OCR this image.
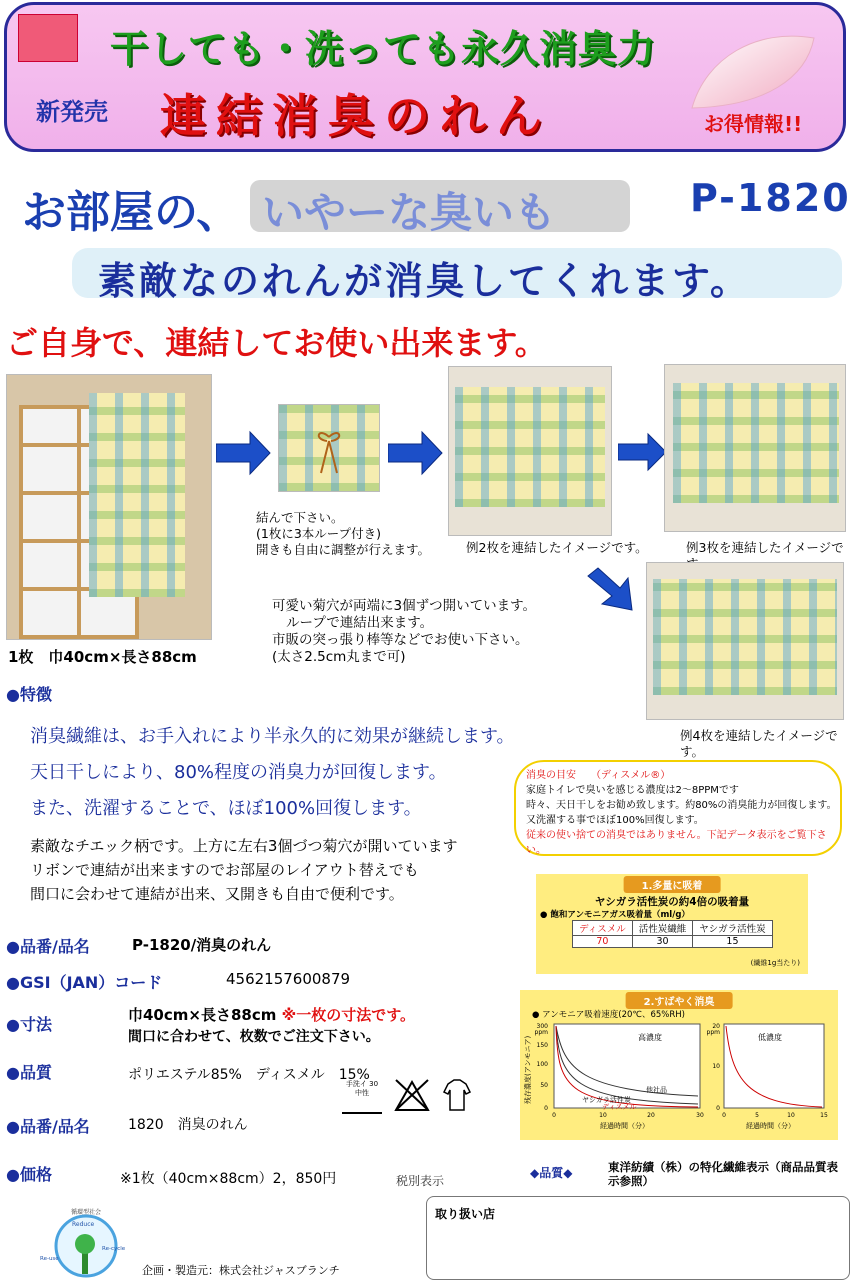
干しても・洗っても永久消臭力
新発売 連結消臭のれん	お得情報!!
お部屋の、 いやーな臭いも	P-1820
素敵なのれんが消臭してくれます。
ご自身で、連結してお使い出来ます。
1枚　巾40cm×長さ88cm
結んで下さい。
(1枚に3本ループ付き)
開きも自由に調整が行えます。	例2枚を連結したイメージです。	例3枚を連結したイメージで
例4枚を連結したイメージです。
可愛い菊穴が両端に3個ずつ開いています。
ループで連結出来ます。
市販の突っ張り棒等などでお使い下さい。
(太さ2.5cm丸まで可)
●特徴
消臭繊維は、お手入れにより半永久的に効果が継続します。
天日干しにより、80%程度の消臭力が回復します。
また、洗濯することで、ほぼ100%回復します。
素敵なチエック柄です。上方に左右3個づつ菊穴が開いています
リボンで連結が出来ますのでお部屋のレイアウト替えでも
間口に会わせて連結が出来、又開きも自由で便利です。
消臭の目安　　（ディスメル®）
家庭トイレで臭いを感じる濃度は2～8PPMです
時々、天日干しをお勧め致します。約80%の消臭能力が回復します。
又洗濯する事でほぼ100%回復します。
従来の使い捨ての消臭ではありません。下記データ表示をご覧下さい。
1.多量に吸着
ヤシガラ活性炭の約4倍の吸着量
● 飽和アンモニアガス吸着量（ml/g）
ディスメル	活性炭繊維	ヤシガラ活性炭
70	30	15
(繊維1g当たり)
2.すばやく消臭
● アンモニア吸着速度(20℃、65%RH)
高濃度	低濃度
他社品
ヤシガラ活性炭
ディスメル
300
ppm
150
100
50
0
20
ppm
10
0
0	10	20	30	0	5	10	15
経過時間（分）	経過時間（分）
残存濃度(アンモニア)
●品番/品名	P-1820/消臭のれん
●GSI（JAN）コード	4562157600879
●寸法	巾40cm×長さ88cm ※一枚の寸法です。
間口に合わせて、枚数でご注文下さい。
●品質	ポリエステル85%　ディスメル　15%
手洗イ 30 中性
●品番/品名	1820　消臭のれん
●価格	※1枚（40cm×88cm）2，850円	税別表示
◆品質◆	東洋紡績（株）の特化繊維表示（商品品質表示参照）
循環型社会
Reduce
Re-cycle
Re-use
企画・製造元：株式会社ジャスブランチ
取り扱い店
